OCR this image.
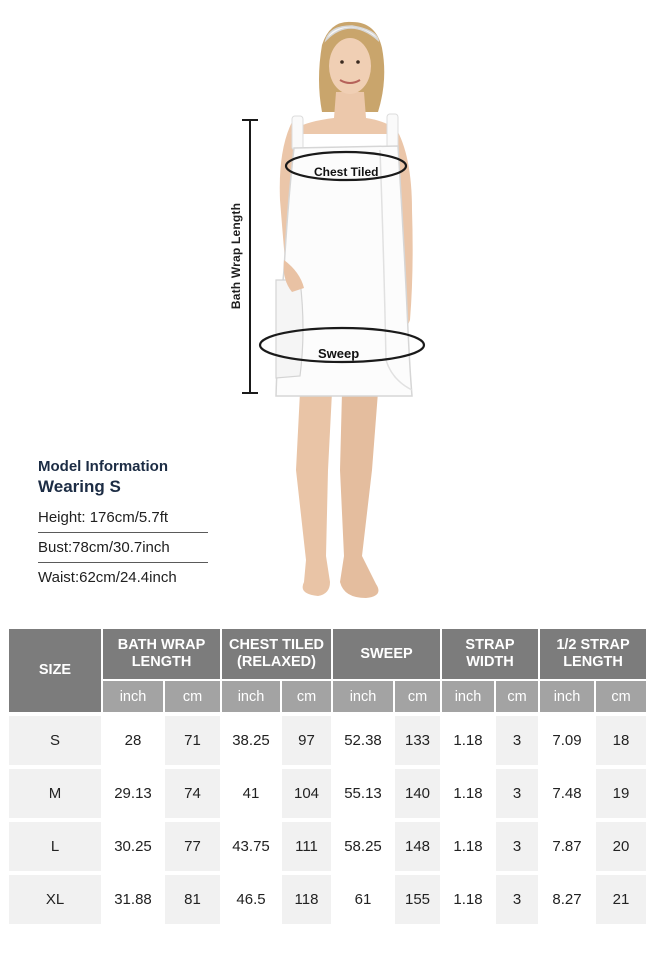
Chest Tiled
Sweep
Bath Wrap Length
Model Information
Wearing S
Height: 176cm/5.7ft
Bust:78cm/30.7inch
Waist:62cm/24.4inch
SIZE	BATH WRAP LENGTH		CHEST TILED (RELAXED)		SWEEP		STRAP WIDTH		1/2 STRAP LENGTH	
	inch	cm	inch	cm	inch	cm	inch	cm	inch	cm
S	28	71	38.25	97	52.38	133	1.18	3	7.09	18
M	29.13	74	41	104	55.13	140	1.18	3	7.48	19
L	30.25	77	43.75	111	58.25	148	1.18	3	7.87	20
XL	31.88	81	46.5	118	61	155	1.18	3	8.27	21
